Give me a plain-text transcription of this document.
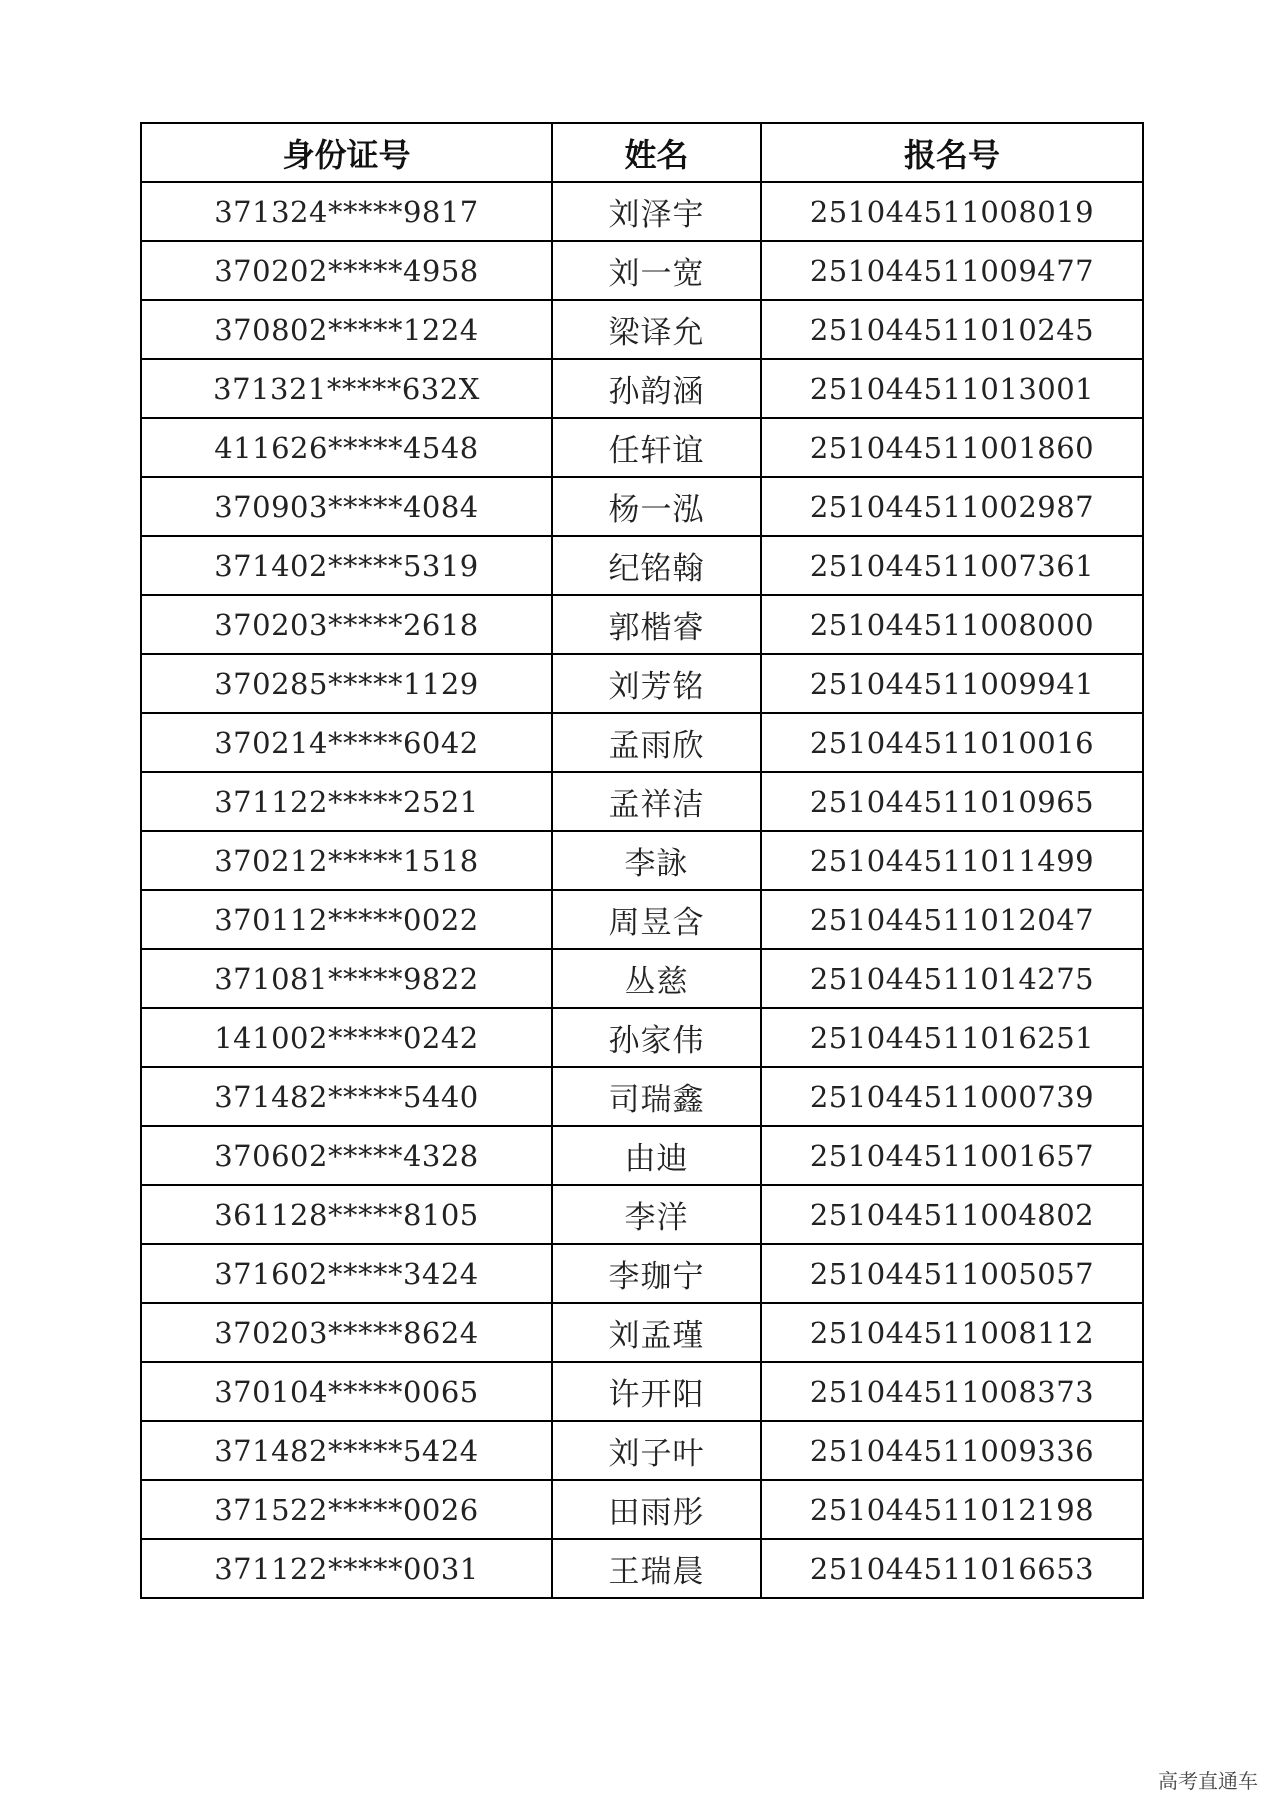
身份证号	姓名	报名号
371324*****9817	刘泽宇	251044511008019
370202*****4958	刘一宽	251044511009477
370802*****1224	梁译允	251044511010245
371321*****632X	孙韵涵	251044511013001
411626*****4548	任轩谊	251044511001860
370903*****4084	杨一泓	251044511002987
371402*****5319	纪铭翰	251044511007361
370203*****2618	郭楷睿	251044511008000
370285*****1129	刘芳铭	251044511009941
370214*****6042	孟雨欣	251044511010016
371122*****2521	孟祥洁	251044511010965
370212*****1518	李詠	251044511011499
370112*****0022	周昱含	251044511012047
371081*****9822	丛慈	251044511014275
141002*****0242	孙家伟	251044511016251
371482*****5440	司瑞鑫	251044511000739
370602*****4328	由迪	251044511001657
361128*****8105	李洋	251044511004802
371602*****3424	李珈宁	251044511005057
370203*****8624	刘孟瑾	251044511008112
370104*****0065	许开阳	251044511008373
371482*****5424	刘子叶	251044511009336
371522*****0026	田雨彤	251044511012198
371122*****0031	王瑞晨	251044511016653
高考直通车
